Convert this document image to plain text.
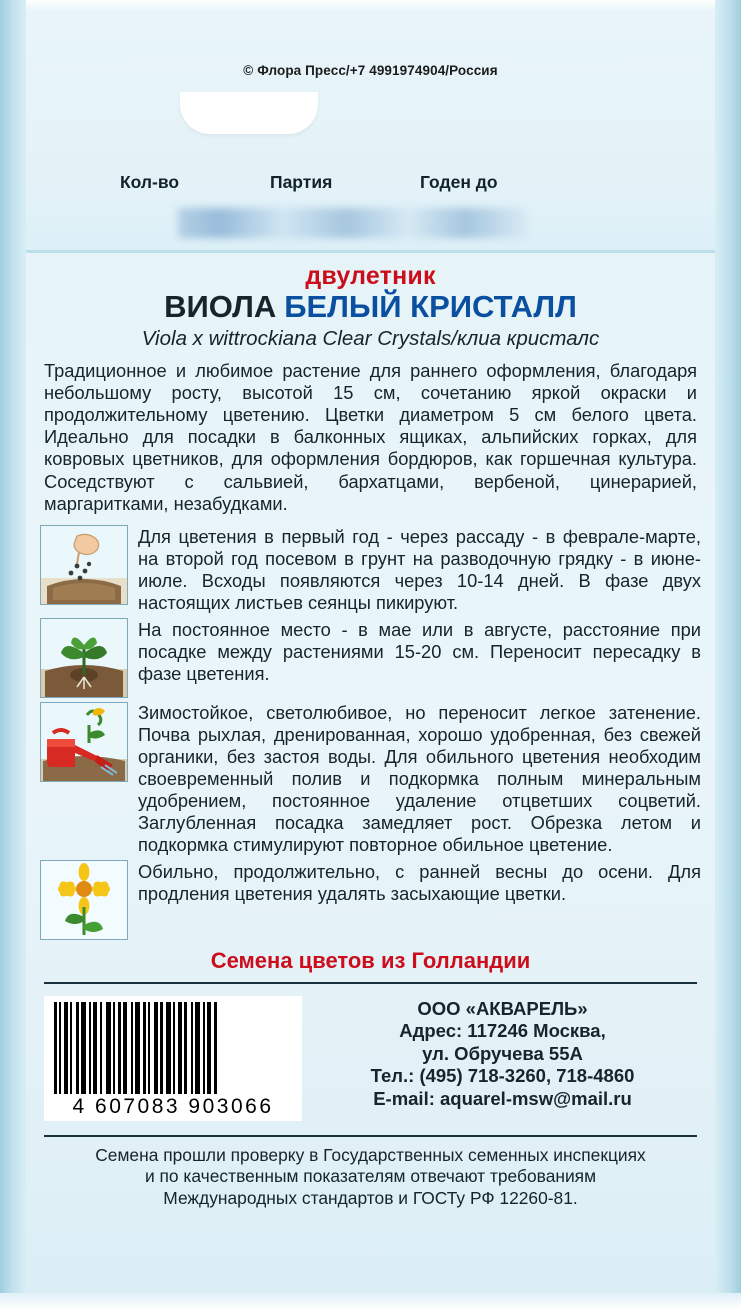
© Флора Пресс/+7 4991974904/Россия
Кол-во	Партия	Годен до
двулетник
ВИОЛА БЕЛЫЙ КРИСТАЛЛ
Viola x wittrockiana Clear Crystals/клиа кристалс
Традиционное и любимое растение для раннего оформления, благодаря небольшому росту, высотой 15 см, сочетанию яркой окраски и продолжительному цветению. Цветки диаметром 5 см белого цвета. Идеально для посадки в балконных ящиках, альпийских горках, для ковровых цветников, для оформления бордюров, как горшечная культура. Соседствуют с сальвией, бархатцами, вербеной, цинерарией, маргаритками, незабудками.
Для цветения в первый год - через рассаду - в феврале-марте, на второй год посевом в грунт на разводочную грядку - в июне-июле. Всходы появляются через 10-14 дней. В фазе двух настоящих листьев сеянцы пикируют.
На постоянное место - в мае или в августе, расстояние при посадке между растениями 15-20 см. Переносит пересадку в фазе цветения.
Зимостойкое, светолюбивое, но переносит легкое затенение. Почва рыхлая, дренированная, хорошо удобренная, без свежей органики, без застоя воды. Для обильного цветения необходим своевременный полив и подкормка полным минеральным удобрением, постоянное удаление отцветших соцветий. Заглубленная посадка замедляет рост. Обрезка летом и подкормка стимулируют повторное обильное цветение.
Обильно, продолжительно, с ранней весны до осени. Для продления цветения удалять засыхающие цветки.
Семена цветов из Голландии
4 607083 903066
ООО «АКВАРЕЛЬ»
Адрес: 117246 Москва,
ул. Обручева 55А
Тел.: (495) 718-3260, 718-4860
E-mail: aquarel-msw@mail.ru
Семена прошли проверку в Государственных семенных инспекциях
и по качественным показателям отвечают требованиям
Международных стандартов и ГОСТу РФ 12260-81.
